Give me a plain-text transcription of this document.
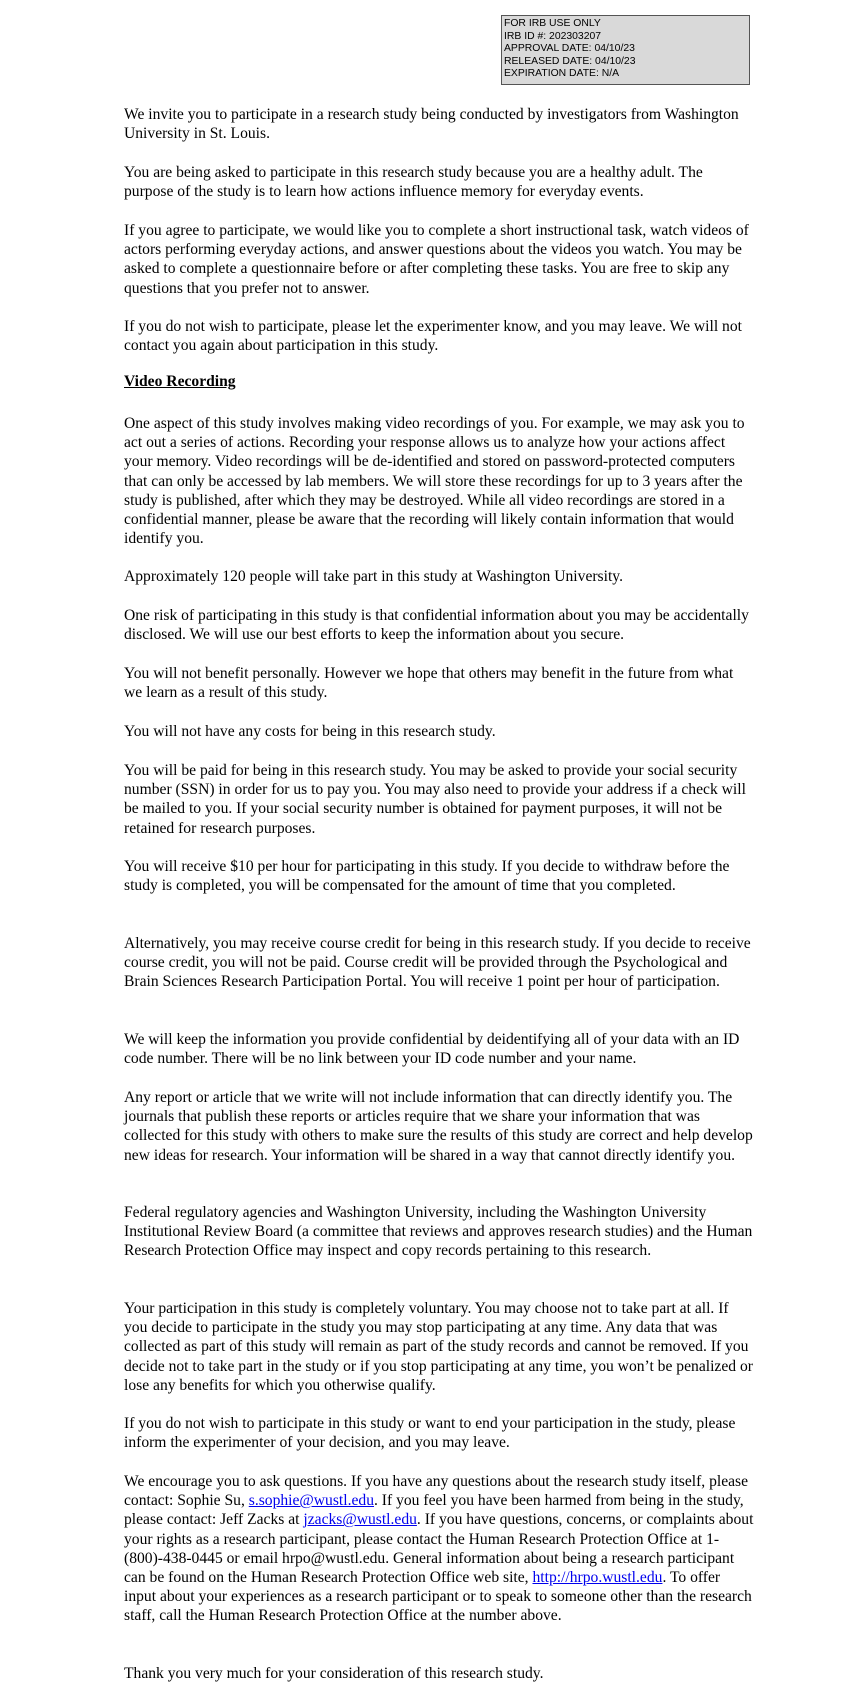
FOR IRB USE ONLY
IRB ID #: 202303207
APPROVAL DATE: 04/10/23
RELEASED DATE: 04/10/23
EXPIRATION DATE: N/A

We invite you to participate in a research study being conducted by investigators from Washington University in St. Louis.

You are being asked to participate in this research study because you are a healthy adult. The purpose of the study is to learn how actions influence memory for everyday events.

If you agree to participate, we would like you to complete a short instructional task, watch videos of actors performing everyday actions, and answer questions about the videos you watch. You may be asked to complete a questionnaire before or after completing these tasks. You are free to skip any questions that you prefer not to answer.

If you do not wish to participate, please let the experimenter know, and you may leave. We will not contact you again about participation in this study.

Video Recording

One aspect of this study involves making video recordings of you. For example, we may ask you to act out a series of actions. Recording your response allows us to analyze how your actions affect your memory. Video recordings will be de-identified and stored on password-protected computers that can only be accessed by lab members. We will store these recordings for up to 3 years after the study is published, after which they may be destroyed. While all video recordings are stored in a confidential manner, please be aware that the recording will likely contain information that would identify you.

Approximately 120 people will take part in this study at Washington University.

One risk of participating in this study is that confidential information about you may be accidentally disclosed. We will use our best efforts to keep the information about you secure.

You will not benefit personally. However we hope that others may benefit in the future from what we learn as a result of this study.

You will not have any costs for being in this research study.

You will be paid for being in this research study. You may be asked to provide your social security number (SSN) in order for us to pay you. You may also need to provide your address if a check will be mailed to you. If your social security number is obtained for payment purposes, it will not be retained for research purposes.

You will receive $10 per hour for participating in this study. If you decide to withdraw before the study is completed, you will be compensated for the amount of time that you completed.

Alternatively, you may receive course credit for being in this research study. If you decide to receive course credit, you will not be paid. Course credit will be provided through the Psychological and Brain Sciences Research Participation Portal. You will receive 1 point per hour of participation.

We will keep the information you provide confidential by deidentifying all of your data with an ID code number. There will be no link between your ID code number and your name.

Any report or article that we write will not include information that can directly identify you. The journals that publish these reports or articles require that we share your information that was collected for this study with others to make sure the results of this study are correct and help develop new ideas for research. Your information will be shared in a way that cannot directly identify you.

Federal regulatory agencies and Washington University, including the Washington University Institutional Review Board (a committee that reviews and approves research studies) and the Human Research Protection Office may inspect and copy records pertaining to this research.

Your participation in this study is completely voluntary. You may choose not to take part at all. If you decide to participate in the study you may stop participating at any time. Any data that was collected as part of this study will remain as part of the study records and cannot be removed. If you decide not to take part in the study or if you stop participating at any time, you won’t be penalized or lose any benefits for which you otherwise qualify.

If you do not wish to participate in this study or want to end your participation in the study, please inform the experimenter of your decision, and you may leave.

We encourage you to ask questions. If you have any questions about the research study itself, please contact: Sophie Su, s.sophie@wustl.edu. If you feel you have been harmed from being in the study, please contact: Jeff Zacks at jzacks@wustl.edu. If you have questions, concerns, or complaints about your rights as a research participant, please contact the Human Research Protection Office at 1-(800)-438-0445 or email hrpo@wustl.edu. General information about being a research participant can be found on the Human Research Protection Office web site, http://hrpo.wustl.edu. To offer input about your experiences as a research participant or to speak to someone other than the research staff, call the Human Research Protection Office at the number above.

Thank you very much for your consideration of this research study.
